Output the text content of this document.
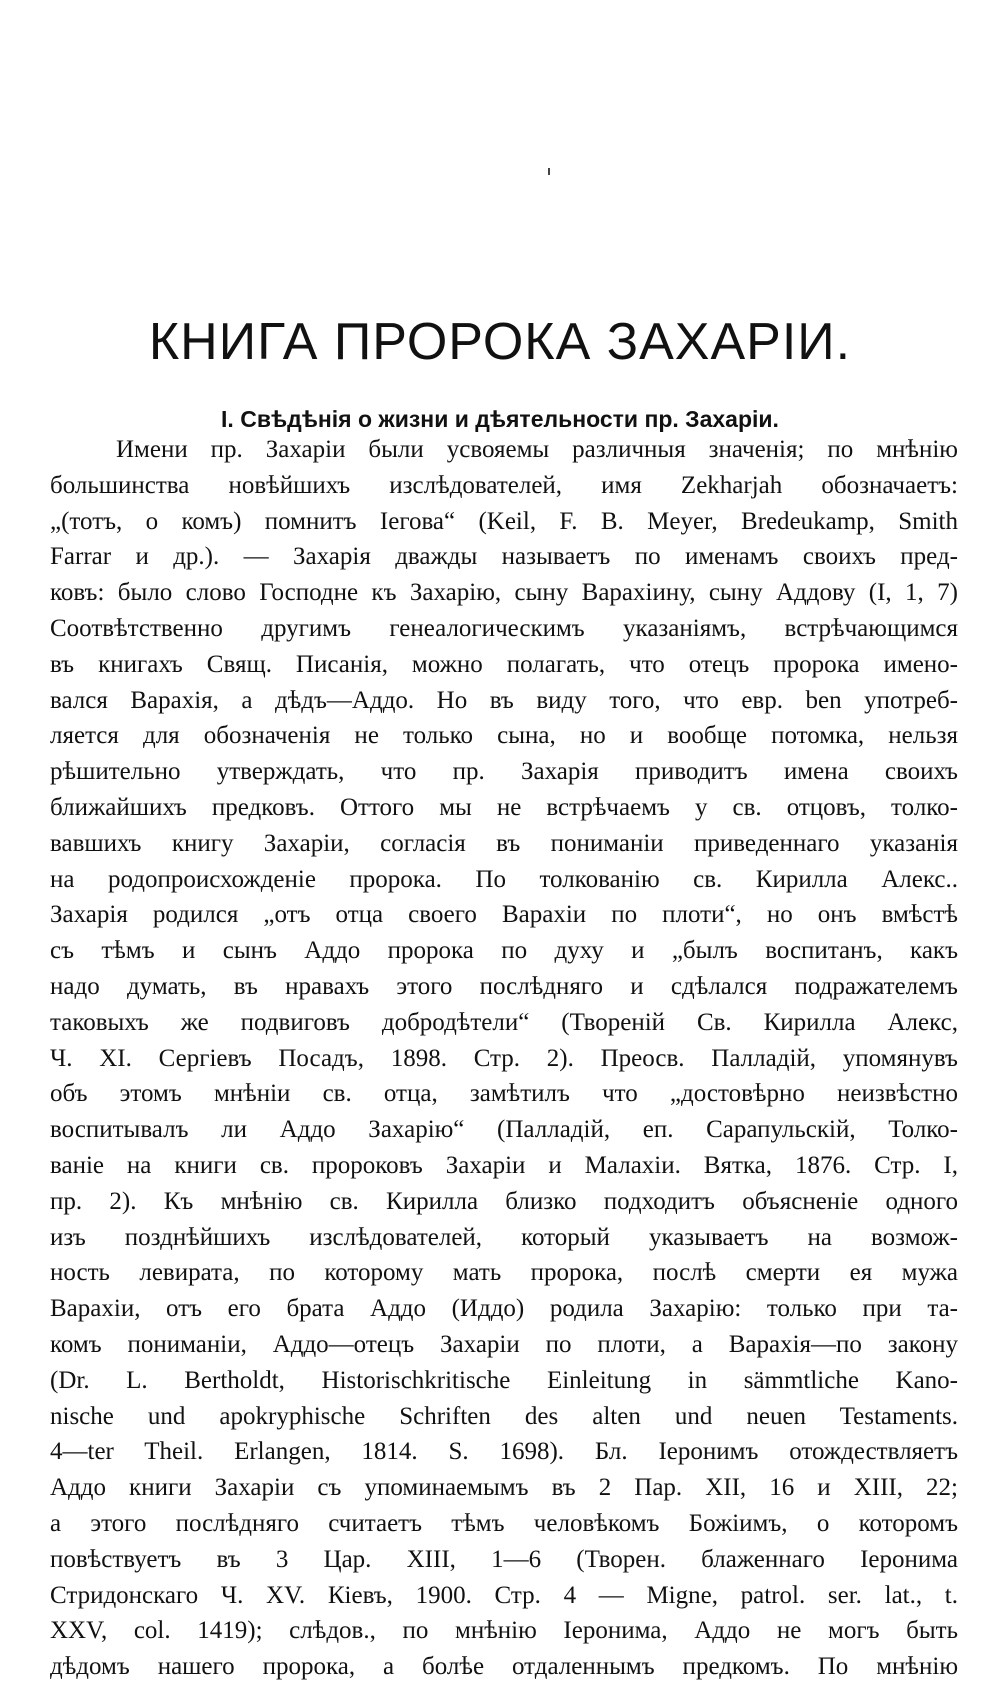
КНИГА ПРОРОКА ЗАХАРІИ.
I. Свѣдѣнія о жизни и дѣятельности пр. Захаріи.
Имени пр. Захаріи были усвояемы различныя значенія; по мнѣнію
большинства новѣйшихъ изслѣдователей, имя Zekharjah обозначаетъ:
„(тотъ, о комъ) помнитъ Іегова“ (Keil, F. B. Meyer, Bredeukamp, Smith
Farrar и др.). — Захарія дважды называетъ по именамъ своихъ пред-
ковъ: было слово Господне къ Захарію, сыну Варахіину, сыну Аддову (I, 1, 7)
Соотвѣтственно другимъ генеалогическимъ указаніямъ, встрѣчающимся
въ книгахъ Свящ. Писанія, можно полагать, что отецъ пророка имено-
вался Варахія, а дѣдъ—Аддо. Но въ виду того, что евр. ben употреб-
ляется для обозначенія не только сына, но и вообще потомка, нельзя
рѣшительно утверждать, что пр. Захарія приводитъ имена своихъ
ближайшихъ предковъ. Оттого мы не встрѣчаемъ у св. отцовъ, толко-
вавшихъ книгу Захаріи, согласія въ пониманіи приведеннаго указанія
на родопроисхожденіе пророка. По толкованію св. Кирилла Алекс..
Захарія родился „отъ отца своего Варахіи по плоти“, но онъ вмѣстѣ
съ тѣмъ и сынъ Аддо пророка по духу и „былъ воспитанъ, какъ
надо думать, въ нравахъ этого послѣдняго и сдѣлался подражателемъ
таковыхъ же подвиговъ добродѣтели“ (Твореній Св. Кирилла Алекс,
Ч. XI. Сергіевъ Посадъ, 1898. Стр. 2). Преосв. Палладій, упомянувъ
объ этомъ мнѣніи св. отца, замѣтилъ что „достовѣрно неизвѣстно
воспитывалъ ли Аддо Захарію“ (Палладій, еп. Сарапульскій, Толко-
ваніе на книги св. пророковъ Захаріи и Малахіи. Вятка, 1876. Стр. I,
пр. 2). Къ мнѣнію св. Кирилла близко подходитъ объясненіе одного
изъ позднѣйшихъ изслѣдователей, который указываетъ на возмож-
ность левирата, по которому мать пророка, послѣ смерти ея мужа
Варахіи, отъ его брата Аддо (Иддо) родила Захарію: только при та-
комъ пониманіи, Аддо—отецъ Захаріи по плоти, а Варахія—по закону
(Dr. L. Bertholdt, Historischkritische Einleitung in sämmtliche Kano-
nische und apokryphische Schriften des alten und neuen Testaments.
4—ter Theil. Erlangen, 1814. S. 1698). Бл. Іеронимъ отождествляетъ
Аддо книги Захаріи съ упоминаемымъ въ 2 Пар. XII, 16 и XIII, 22;
а этого послѣдняго считаетъ тѣмъ человѣкомъ Божіимъ, о которомъ
повѣствуетъ въ 3 Цар. XIII, 1—6 (Творен. блаженнаго Іеронима
Стридонскаго Ч. XV. Кіевъ, 1900. Стр. 4 — Migne, patrol. ser. lat., t.
XXV, col. 1419); слѣдов., по мнѣнію Іеронима, Аддо не могъ быть
дѣдомъ нашего пророка, а болѣе отдаленнымъ предкомъ. По мнѣнію
